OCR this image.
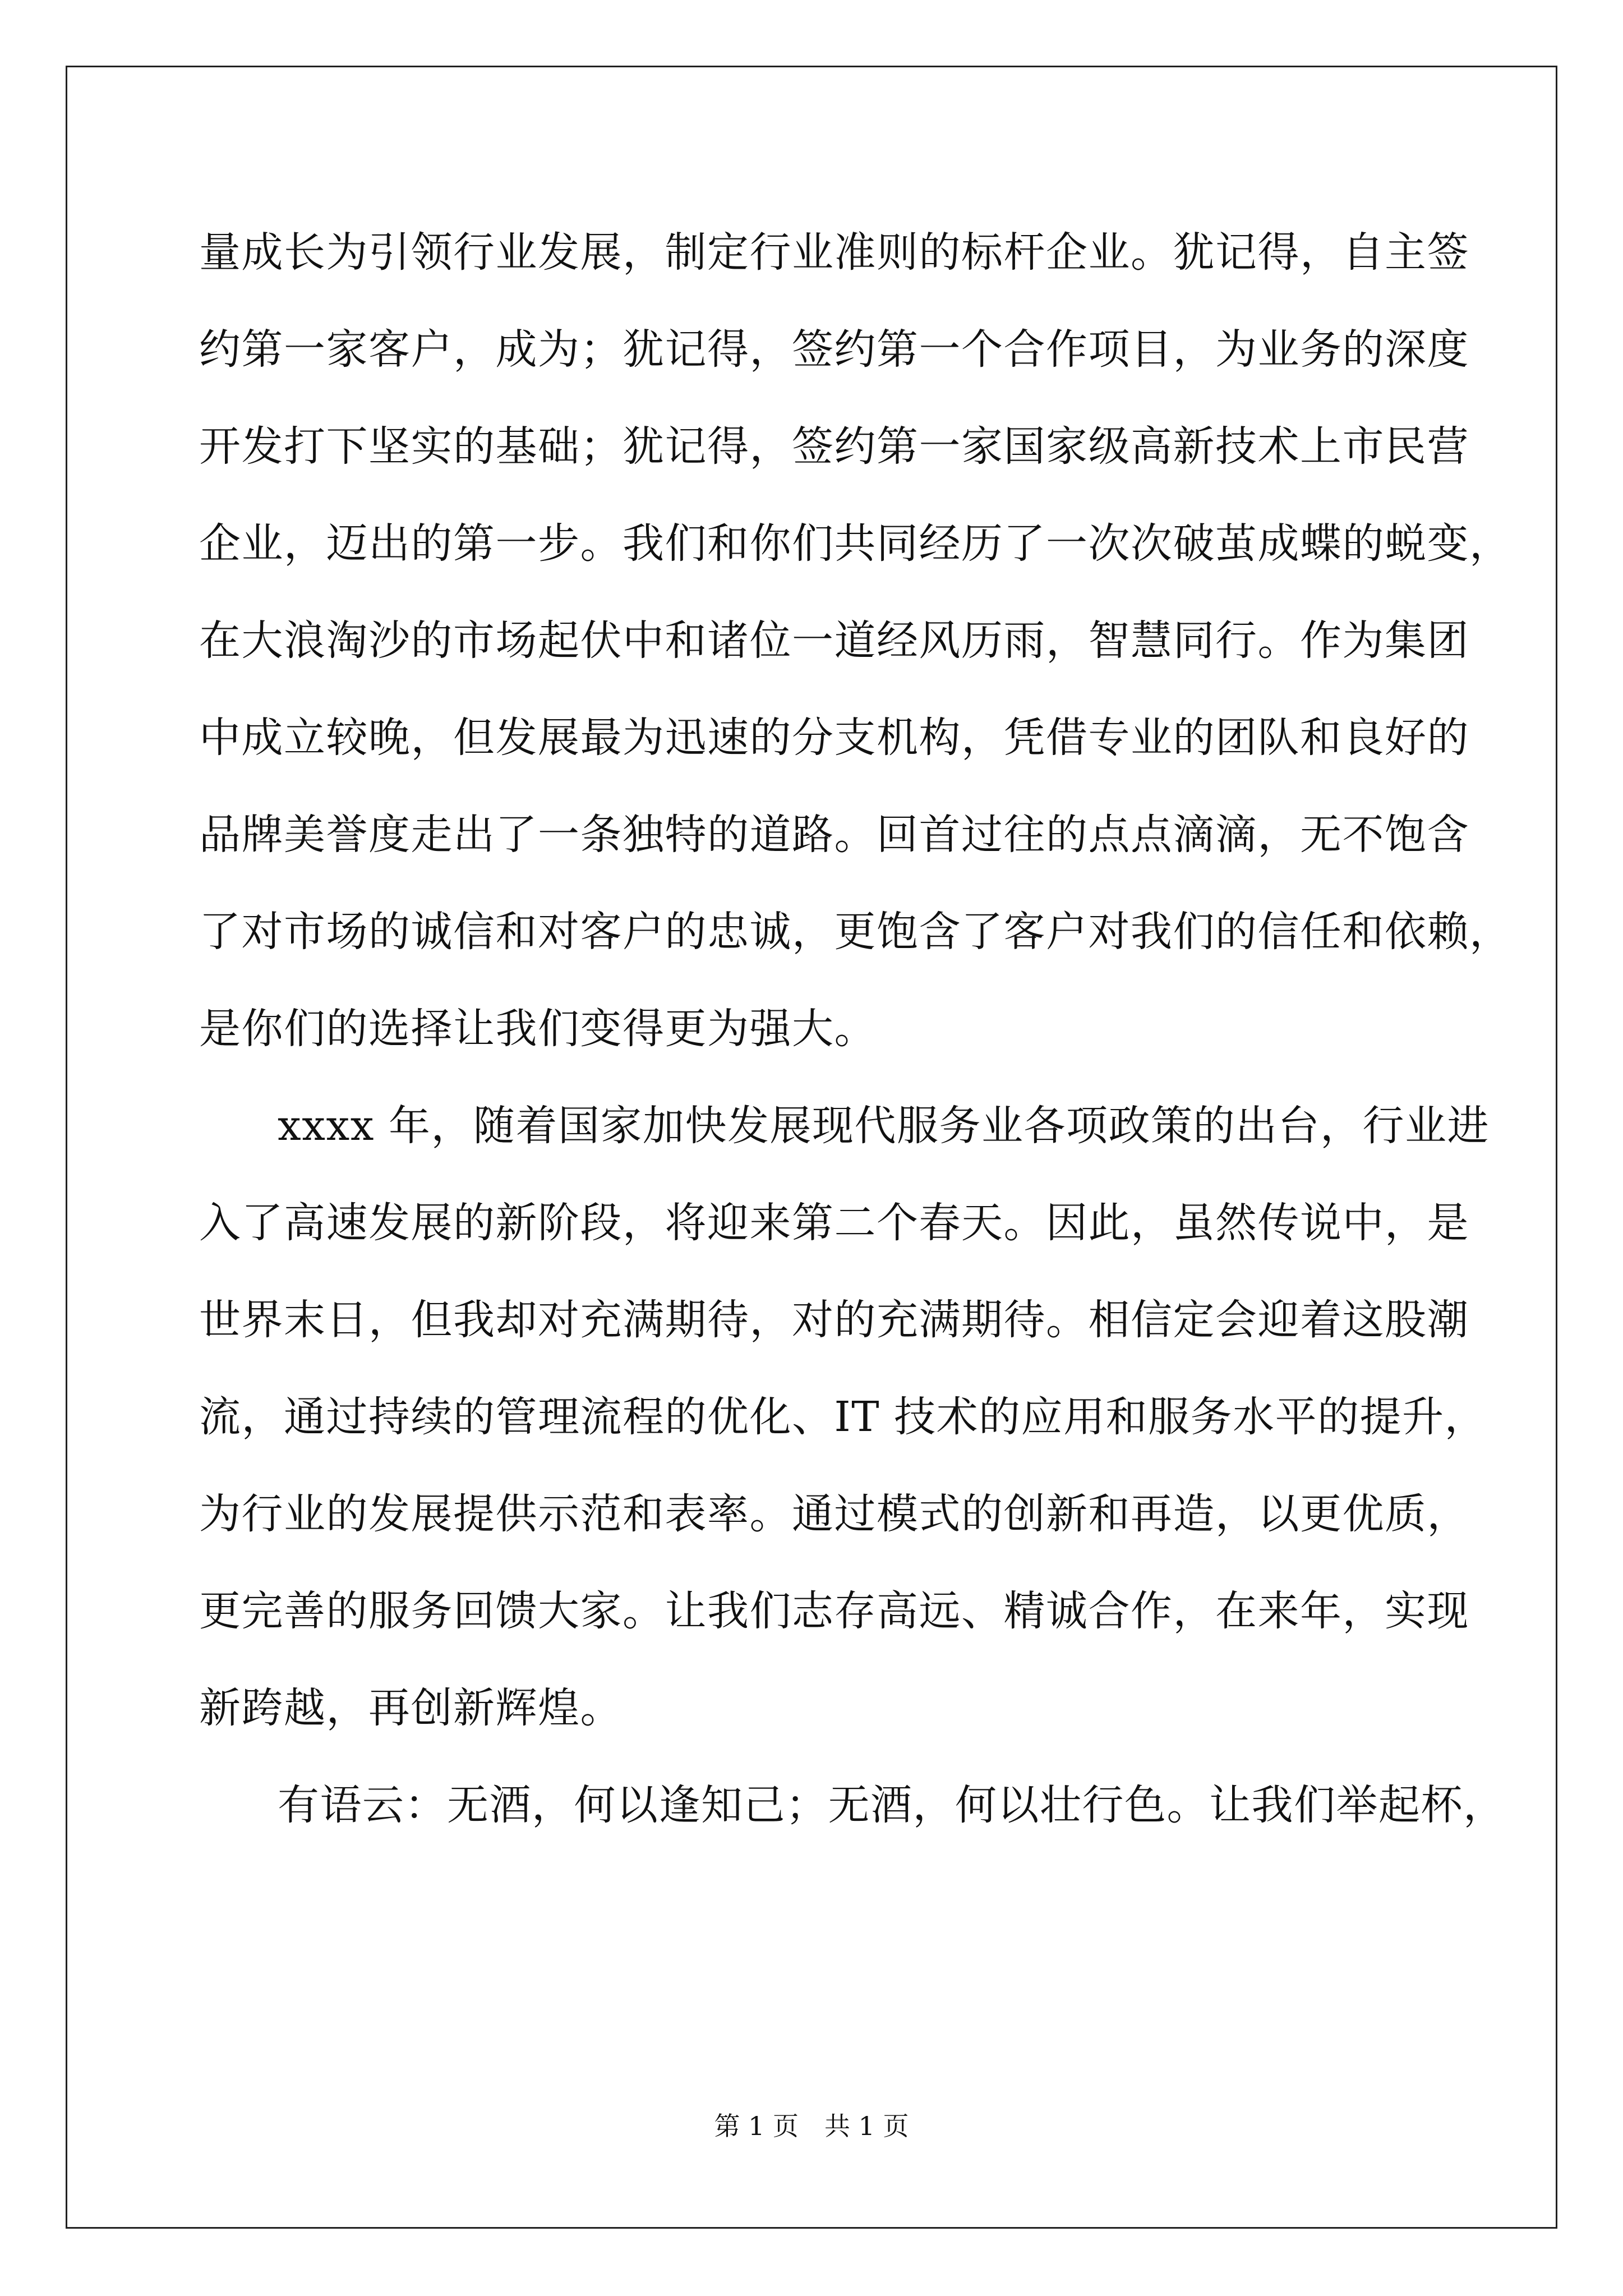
量成长为引领行业发展，制定行业准则的标杆企业。犹记得，自主签
约第一家客户，成为；犹记得，签约第一个合作项目，为业务的深度
开发打下坚实的基础；犹记得，签约第一家国家级高新技术上市民营
企业，迈出的第一步。我们和你们共同经历了一次次破茧成蝶的蜕变，
在大浪淘沙的市场起伏中和诸位一道经风历雨，智慧同行。作为集团
中成立较晚，但发展最为迅速的分支机构，凭借专业的团队和良好的
品牌美誉度走出了一条独特的道路。回首过往的点点滴滴，无不饱含
了对市场的诚信和对客户的忠诚，更饱含了客户对我们的信任和依赖，
是你们的选择让我们变得更为强大。
xxxx 年，随着国家加快发展现代服务业各项政策的出台，行业进
入了高速发展的新阶段，将迎来第二个春天。因此，虽然传说中，是
世界末日，但我却对充满期待，对的充满期待。相信定会迎着这股潮
流，通过持续的管理流程的优化、IT 技术的应用和服务水平的提升，
为行业的发展提供示范和表率。通过模式的创新和再造，以更优质，
更完善的服务回馈大家。让我们志存高远、精诚合作，在来年，实现
新跨越，再创新辉煌。
有语云：无酒，何以逢知己；无酒，何以壮行色。让我们举起杯，
第 1 页　共 1 页
